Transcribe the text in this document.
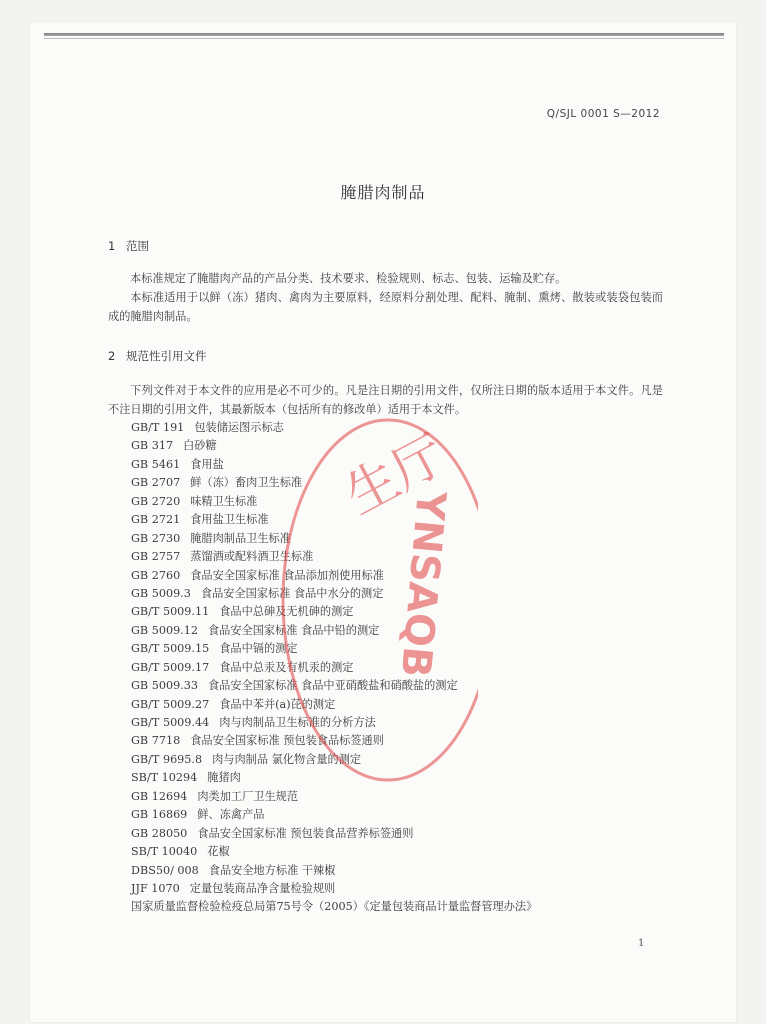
Q/SJL 0001 S—2012
腌腊肉制品
1 范围
本标准规定了腌腊肉产品的产品分类、技术要求、检验规则、标志、包装、运输及贮存。
本标准适用于以鲜（冻）猪肉、禽肉为主要原料，经原料分割处理、配料、腌制、熏烤、散装或装袋包装而成的腌腊肉制品。
2 规范性引用文件
下列文件对于本文件的应用是必不可少的。凡是注日期的引用文件，仅所注日期的版本适用于本文件。凡是不注日期的引用文件，其最新版本（包括所有的修改单）适用于本文件。
GB/T 191 包装储运图示标志
GB 317 白砂糖
GB 5461 食用盐
GB 2707 鲜（冻）畜肉卫生标准
GB 2720 味精卫生标准
GB 2721 食用盐卫生标准
GB 2730 腌腊肉制品卫生标准
GB 2757 蒸馏酒或配料酒卫生标准
GB 2760 食品安全国家标准 食品添加剂使用标准
GB 5009.3 食品安全国家标准 食品中水分的测定
GB/T 5009.11 食品中总砷及无机砷的测定
GB 5009.12 食品安全国家标准 食品中铅的测定
GB/T 5009.15 食品中镉的测定
GB/T 5009.17 食品中总汞及有机汞的测定
GB 5009.33 食品安全国家标准 食品中亚硝酸盐和硝酸盐的测定
GB/T 5009.27 食品中苯并(a)芘的测定
GB/T 5009.44 肉与肉制品卫生标准的分析方法
GB 7718 食品安全国家标准 预包装食品标签通则
GB/T 9695.8 肉与肉制品 氯化物含量的测定
SB/T 10294 腌猪肉
GB 12694 肉类加工厂卫生规范
GB 16869 鲜、冻禽产品
GB 28050 食品安全国家标准 预包装食品营养标签通则
SB/T 10040 花椒
DBS50/ 008 食品安全地方标准 干辣椒
JJF 1070 定量包装商品净含量检验规则
国家质量监督检验检疫总局第75号令（2005）《定量包装商品计量监督管理办法》
生厅
YNSAQB
1
